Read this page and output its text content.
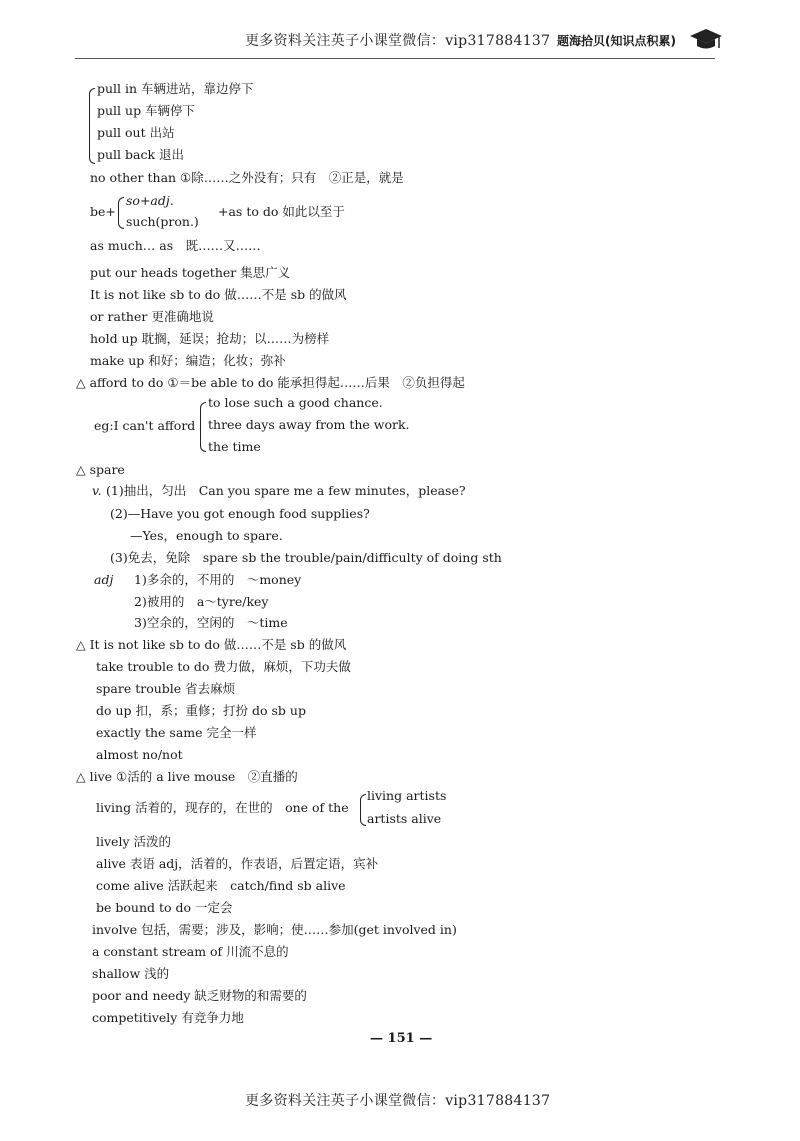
更多资料关注英子小课堂微信：vip317884137 题海拾贝(知识点积累)
pull in 车辆进站，靠边停下
pull up 车辆停下
pull out 出站
pull back 退出
no other than ①除……之外没有；只有　②正是，就是
be+
so+adj.
such(pron.)
+as to do 如此以至于
as much… as　既……又……
put our heads together 集思广义
It is not like sb to do 做……不是 sb 的做风
or rather 更准确地说
hold up 耽搁，延误；抢劫；以……为榜样
make up 和好；编造；化妆；弥补
△ afford to do ①＝be able to do 能承担得起……后果　②负担得起
eg:I can't afford
to lose such a good chance.
three days away from the work.
the time
△ spare
v. (1)抽出，匀出　Can you spare me a few minutes，please?
(2)—Have you got enough food supplies?
—Yes，enough to spare.
(3)免去，免除　spare sb the trouble/pain/difficulty of doing sth
adj 1)多余的，不用的　～money
2)被用的　a～tyre/key
3)空余的，空闲的　～time
△ It is not like sb to do 做……不是 sb 的做风
take trouble to do 费力做，麻烦，下功夫做
spare trouble 省去麻烦
do up 扣，系；重修；打扮 do sb up
exactly the same 完全一样
almost no/not
△ live ①活的 a live mouse　②直播的
living 活着的，现存的，在世的　one of the
living artists
artists alive
lively 活泼的
alive 表语 adj，活着的，作表语，后置定语，宾补
come alive 活跃起来　catch/find sb alive
be bound to do 一定会
involve 包括，需要；涉及，影响；使……参加(get involved in)
a constant stream of 川流不息的
shallow 浅的
poor and needy 缺乏财物的和需要的
competitively 有竞争力地
— 151 —
更多资料关注英子小课堂微信：vip317884137
